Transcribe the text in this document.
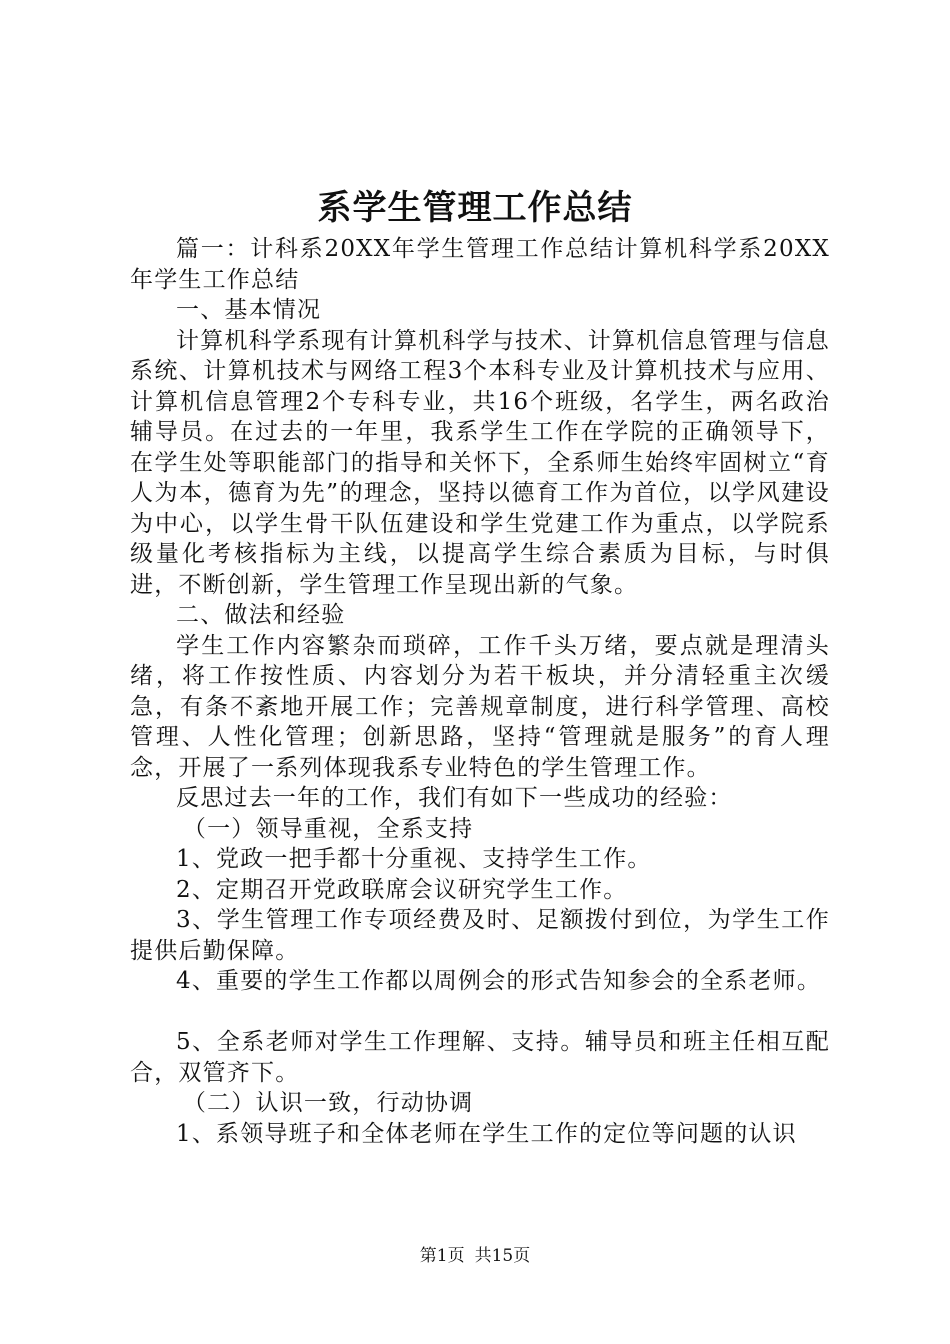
系学生管理工作总结

篇一：计科系20XX年学生管理工作总结计算机科学系20XX年学生工作总结

一、基本情况

计算机科学系现有计算机科学与技术、计算机信息管理与信息系统、计算机技术与网络工程3个本科专业及计算机技术与应用、计算机信息管理2个专科专业，共16个班级，名学生，两名政治辅导员。在过去的一年里，我系学生工作在学院的正确领导下，在学生处等职能部门的指导和关怀下，全系师生始终牢固树立“育人为本，德育为先”的理念，坚持以德育工作为首位，以学风建设为中心，以学生骨干队伍建设和学生党建工作为重点，以学院系级量化考核指标为主线，以提高学生综合素质为目标，与时俱进，不断创新，学生管理工作呈现出新的气象。

二、做法和经验

学生工作内容繁杂而琐碎，工作千头万绪，要点就是理清头绪，将工作按性质、内容划分为若干板块，并分清轻重主次缓急，有条不紊地开展工作；完善规章制度，进行科学管理、高校管理、人性化管理；创新思路，坚持“管理就是服务”的育人理念，开展了一系列体现我系专业特色的学生管理工作。

反思过去一年的工作，我们有如下一些成功的经验：

（一）领导重视，全系支持

1、党政一把手都十分重视、支持学生工作。

2、定期召开党政联席会议研究学生工作。

3、学生管理工作专项经费及时、足额拨付到位，为学生工作提供后勤保障。

4、重要的学生工作都以周例会的形式告知参会的全系老师。

5、全系老师对学生工作理解、支持。辅导员和班主任相互配合，双管齐下。

（二）认识一致，行动协调

1、系领导班子和全体老师在学生工作的定位等问题的认识

第1页 共15页
